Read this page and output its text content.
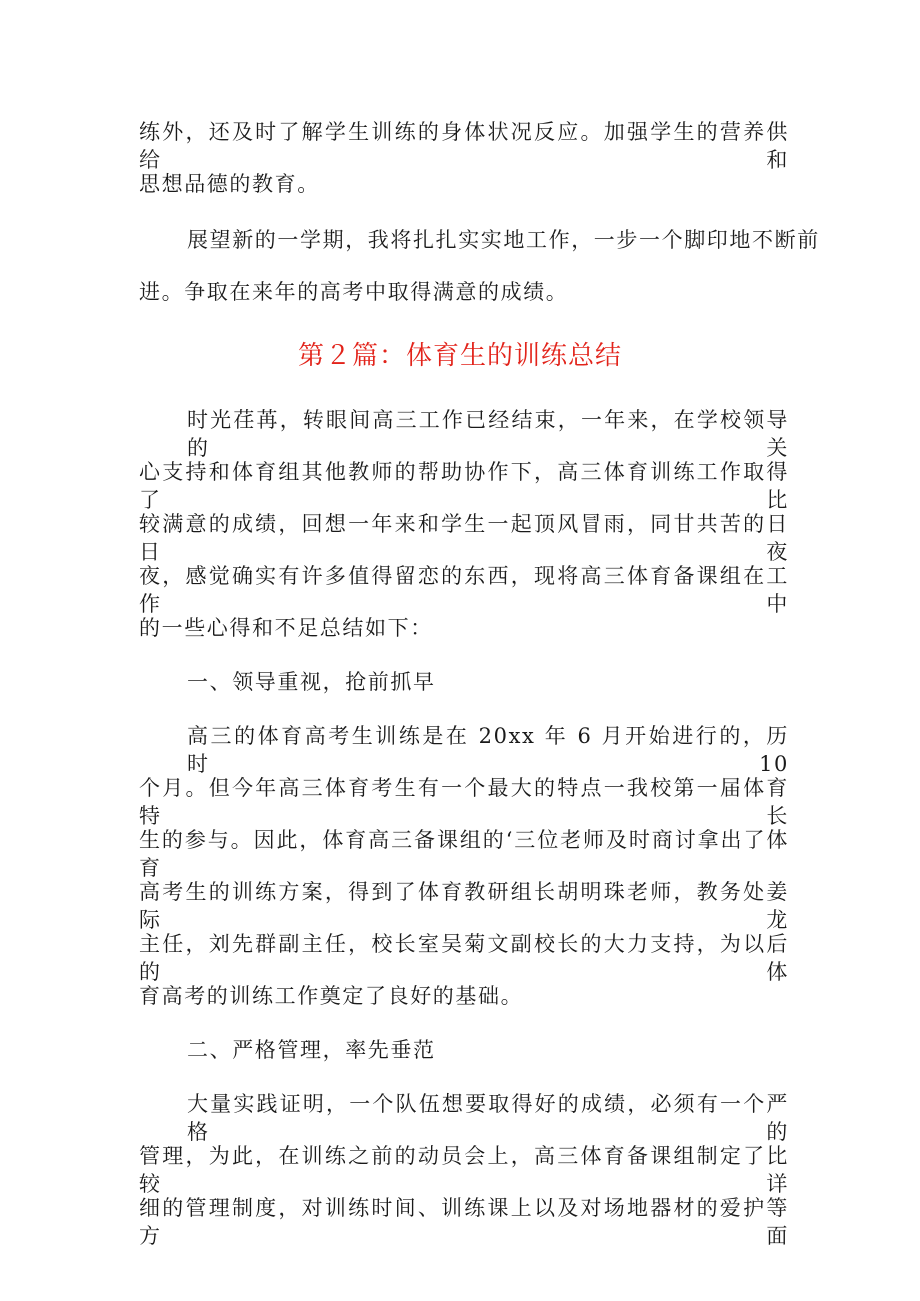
练外，还及时了解学生训练的身体状况反应。加强学生的营养供给和
思想品德的教育。
展望新的一学期，我将扎扎实实地工作，一步一个脚印地不断前
进。争取在来年的高考中取得满意的成绩。
第２篇：体育生的训练总结
时光荏苒，转眼间高三工作已经结束，一年来，在学校领导的关
心支持和体育组其他教师的帮助协作下，高三体育训练工作取得了比
较满意的成绩，回想一年来和学生一起顶风冒雨，同甘共苦的日日夜
夜，感觉确实有许多值得留恋的东西，现将高三体育备课组在工作中
的一些心得和不足总结如下：
一、领导重视，抢前抓早
高三的体育高考生训练是在 20xx 年 6 月开始进行的，历时 10
个月。但今年高三体育考生有一个最大的特点一我校第一届体育特长
生的参与。因此，体育高三备课组的‘三位老师及时商讨拿出了体育
高考生的训练方案，得到了体育教研组长胡明珠老师，教务处姜际龙
主任，刘先群副主任，校长室吴菊文副校长的大力支持，为以后的体
育高考的训练工作奠定了良好的基础。
二、严格管理，率先垂范
大量实践证明，一个队伍想要取得好的成绩，必须有一个严格的
管理，为此，在训练之前的动员会上，高三体育备课组制定了比较详
细的管理制度，对训练时间、训练课上以及对场地器材的爱护等方面
